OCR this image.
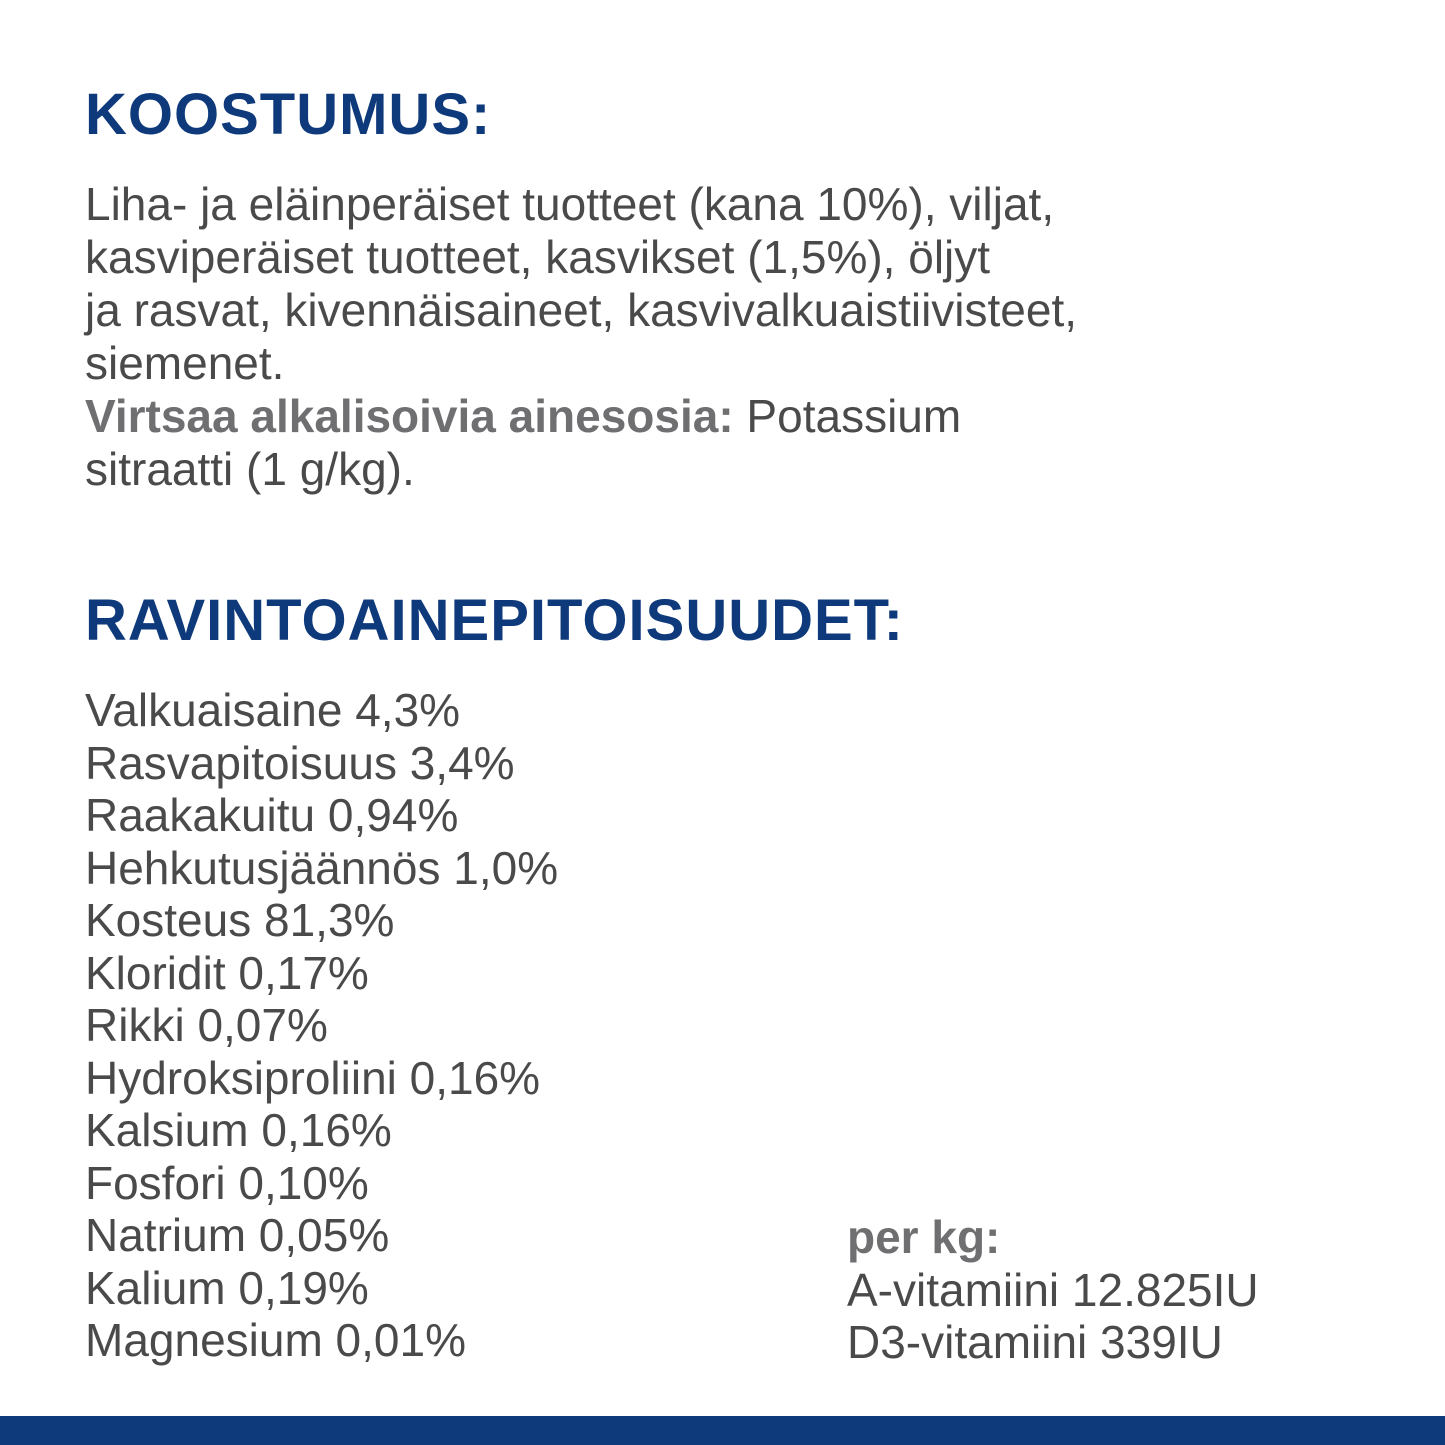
KOOSTUMUS:

Liha- ja eläinperäiset tuotteet (kana 10%), viljat,
kasviperäiset tuotteet, kasvikset (1,5%), öljyt
ja rasvat, kivennäisaineet, kasvivalkuaistiivisteet,
siemenet.

Virtsaa alkalisoivia ainesosia: Potassium
sitraatti (1 g/kg).

RAVINTOAINEPITOISUUDET:
Valkuaisaine 4,3%
Rasvapitoisuus 3,4%
Raakakuitu 0,94%
Hehkutusjäännös 1,0%
Kosteus 81,3%
Kloridit 0,17%
Rikki 0,07%
Hydroksiproliini 0,16%
Kalsium 0,16%
Fosfori 0,10%
Natrium 0,05%
Kalium 0,19%
Magnesium 0,01%
per kg:
A-vitamiini 12.825IU
D3-vitamiini 339IU
